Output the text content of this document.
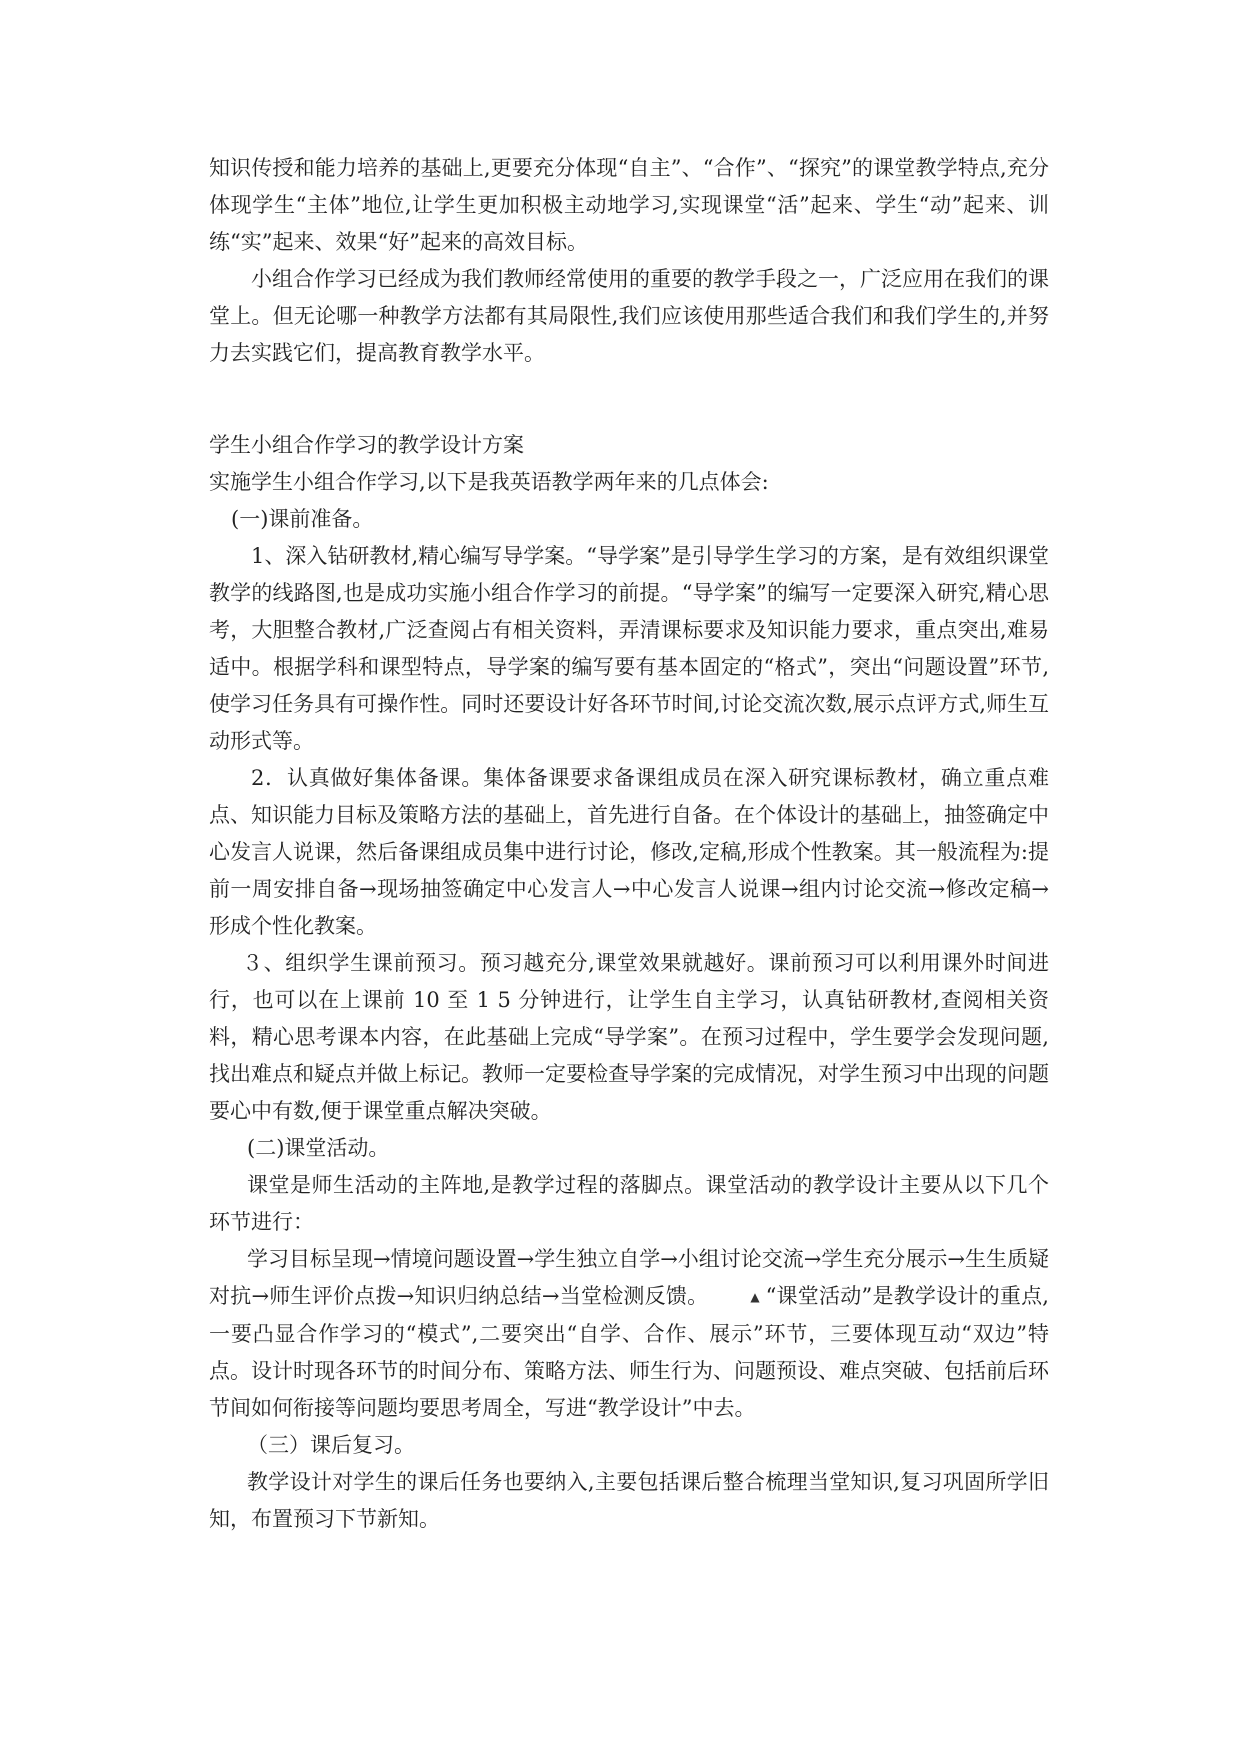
知识传授和能力培养的基础上,更要充分体现“自主”、“合作”、“探究”的课堂教学特点,充分体现学生“主体”地位,让学生更加积极主动地学习,实现课堂“活”起来、学生“动”起来、训练“实”起来、效果“好”起来的高效目标。

小组合作学习已经成为我们教师经常使用的重要的教学手段之一，广泛应用在我们的课堂上。但无论哪一种教学方法都有其局限性,我们应该使用那些适合我们和我们学生的,并努力去实践它们，提高教育教学水平。

学生小组合作学习的教学设计方案

实施学生小组合作学习,以下是我英语教学两年来的几点体会:

(一)课前准备。

1、深入钻研教材,精心编写导学案。“导学案”是引导学生学习的方案，是有效组织课堂教学的线路图,也是成功实施小组合作学习的前提。“导学案”的编写一定要深入研究,精心思考，大胆整合教材,广泛查阅占有相关资料，弄清课标要求及知识能力要求，重点突出,难易适中。根据学科和课型特点，导学案的编写要有基本固定的“格式”，突出“问题设置”环节,使学习任务具有可操作性。同时还要设计好各环节时间,讨论交流次数,展示点评方式,师生互动形式等。

2．认真做好集体备课。集体备课要求备课组成员在深入研究课标教材，确立重点难点、知识能力目标及策略方法的基础上，首先进行自备。在个体设计的基础上，抽签确定中心发言人说课，然后备课组成员集中进行讨论，修改,定稿,形成个性教案。其一般流程为:提前一周安排自备→现场抽签确定中心发言人→中心发言人说课→组内讨论交流→修改定稿→形成个性化教案。

３、组织学生课前预习。预习越充分,课堂效果就越好。课前预习可以利用课外时间进行，也可以在上课前 10 至 1 5 分钟进行，让学生自主学习，认真钻研教材,查阅相关资料，精心思考课本内容，在此基础上完成“导学案”。在预习过程中，学生要学会发现问题,找出难点和疑点并做上标记。教师一定要检查导学案的完成情况，对学生预习中出现的问题要心中有数,便于课堂重点解决突破。

(二)课堂活动。

课堂是师生活动的主阵地,是教学过程的落脚点。课堂活动的教学设计主要从以下几个环节进行：

学习目标呈现→情境问题设置→学生独立自学→小组讨论交流→学生充分展示→生生质疑对抗→师生评价点拨→知识归纳总结→当堂检测反馈。	▲ “课堂活动”是教学设计的重点,一要凸显合作学习的“模式”,二要突出“自学、合作、展示”环节，三要体现互动“双边”特点。设计时现各环节的时间分布、策略方法、师生行为、问题预设、难点突破、包括前后环节间如何衔接等问题均要思考周全，写进“教学设计”中去。

（三）课后复习。

教学设计对学生的课后任务也要纳入,主要包括课后整合梳理当堂知识,复习巩固所学旧知，布置预习下节新知。
